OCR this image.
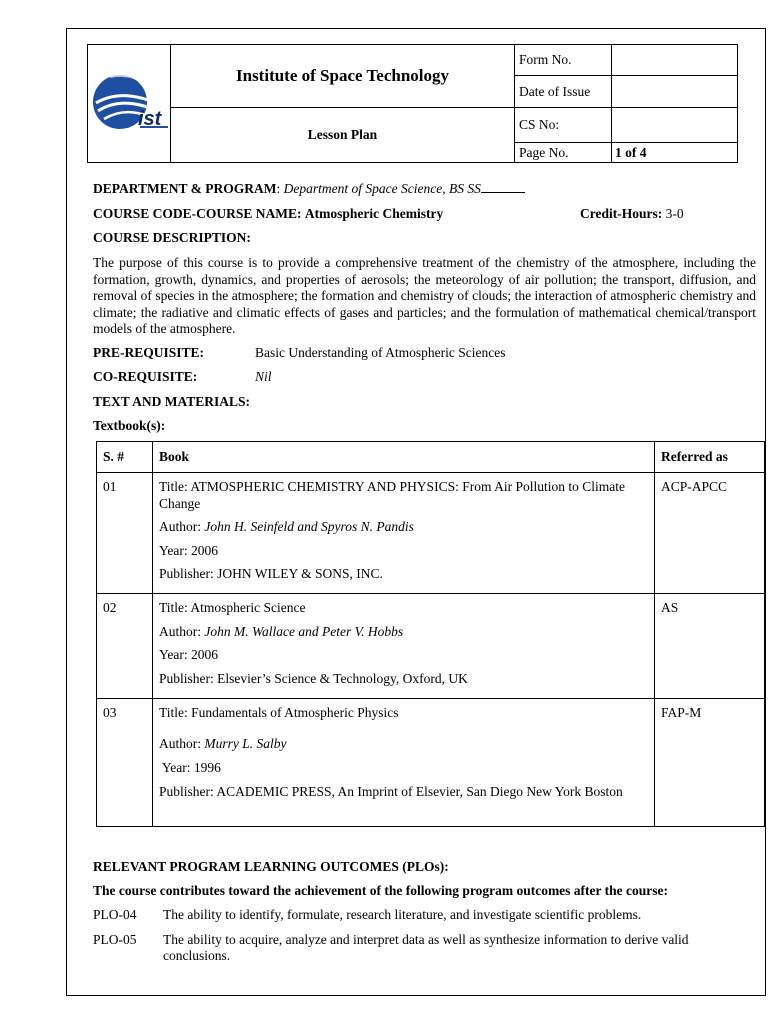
ist	Institute of Space Technology	Form No.	
		Date of Issue	
	Lesson Plan	CS No:	
		Page No.	1 of 4
DEPARTMENT & PROGRAM: Department of Space Science, BS SS
COURSE CODE-COURSE NAME: Atmospheric Chemistry	Credit-Hours: 3-0
COURSE DESCRIPTION:
The purpose of this course is to provide a comprehensive treatment of the chemistry of the atmosphere, including the formation, growth, dynamics, and properties of aerosols; the meteorology of air pollution; the transport, diffusion, and removal of species in the atmosphere; the formation and chemistry of clouds; the interaction of atmospheric chemistry and climate; the radiative and climatic effects of gases and particles; and the formulation of mathematical chemical/transport models of the atmosphere.
PRE-REQUISITE:	Basic Understanding of Atmospheric Sciences
CO-REQUISITE:	Nil
TEXT AND MATERIALS:
Textbook(s):
S. #	Book	Referred as
01	Title: ATMOSPHERIC CHEMISTRY AND PHYSICS: From Air Pollution to Climate Change

Author: John H. Seinfeld and Spyros N. Pandis

Year: 2006

Publisher: JOHN WILEY & SONS, INC.	ACP-APCC
02	Title: Atmospheric Science

Author: John M. Wallace and Peter V. Hobbs

Year: 2006

Publisher: Elsevier’s Science & Technology, Oxford, UK	AS
03	Title: Fundamentals of Atmospheric Physics

Author: Murry L. Salby

Year: 1996

Publisher: ACADEMIC PRESS, An Imprint of Elsevier, San Diego New York Boston	FAP-M
RELEVANT PROGRAM LEARNING OUTCOMES (PLOs):
The course contributes toward the achievement of the following program outcomes after the course:
PLO-04 The ability to identify, formulate, research literature, and investigate scientific problems.
PLO-05 The ability to acquire, analyze and interpret data as well as synthesize information to derive valid conclusions.
